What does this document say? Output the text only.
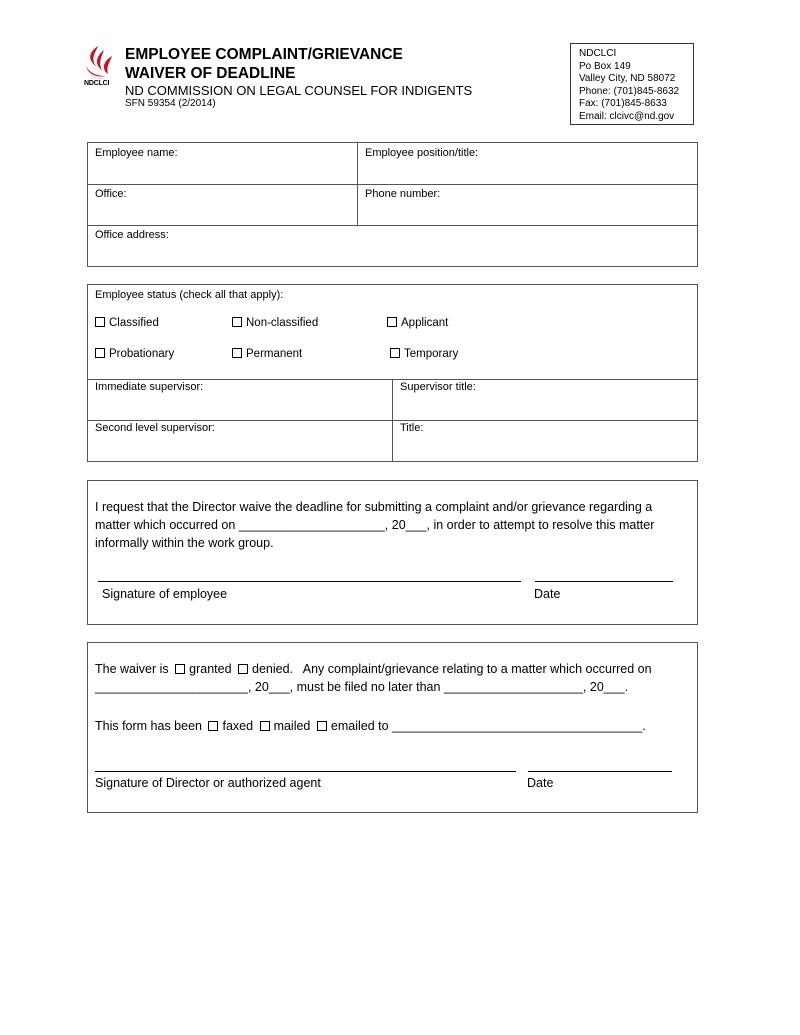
NDCLCI
EMPLOYEE COMPLAINT/GRIEVANCE
WAIVER OF DEADLINE
ND COMMISSION ON LEGAL COUNSEL FOR INDIGENTS
SFN 59354 (2/2014)
NDCLCI
Po Box 149
Valley City, ND 58072
Phone: (701)845-8632
Fax: (701)845-8633
Email: clcivc@nd.gov
Employee name:	Employee position/title:
Office:	Phone number:
Office address:
Employee status (check all that apply):
Classified	Non-classified	Applicant
Probationary	Permanent	Temporary
Immediate supervisor:	Supervisor title:
Second level supervisor:	Title:
I request that the Director waive the deadline for submitting a complaint and/or grievance regarding a
matter which occurred on _____________________, 20___, in order to attempt to resolve this matter
informally within the work group.
Signature of employee	Date
The waiver is granted denied. Any complaint/grievance relating to a matter which occurred on
______________________, 20___, must be filed no later than ____________________, 20___.
This form has been faxed mailed emailed to ____________________________________.
Signature of Director or authorized agent	Date
